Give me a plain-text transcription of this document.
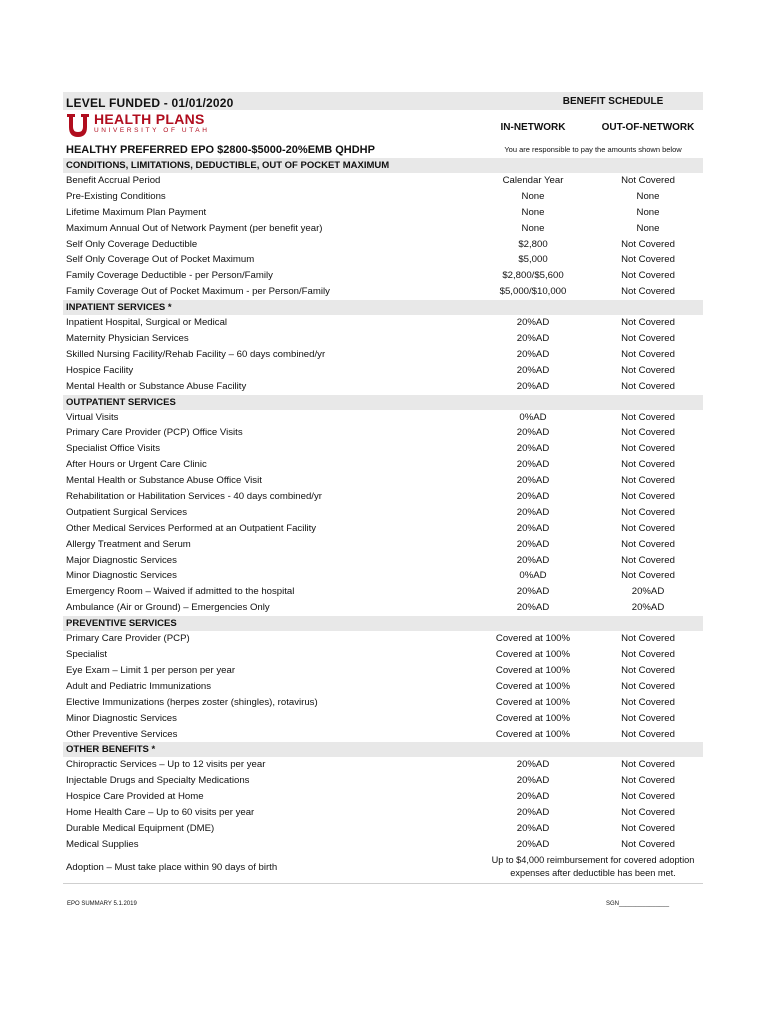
LEVEL FUNDED - 01/01/2020	BENEFIT SCHEDULE
HEALTH PLANS
UNIVERSITY OF UTAH	IN-NETWORK	OUT-OF-NETWORK
HEALTHY PREFERRED EPO $2800-$5000-20%EMB QHDHP	You are responsible to pay the amounts shown below
CONDITIONS, LIMITATIONS, DEDUCTIBLE, OUT OF POCKET MAXIMUM
Benefit Accrual Period	Calendar Year	Not Covered
Pre-Existing Conditions	None	None
Lifetime Maximum Plan Payment	None	None
Maximum Annual Out of Network Payment (per benefit year)	None	None
Self Only Coverage Deductible	$2,800	Not Covered
Self Only Coverage Out of Pocket Maximum	$5,000	Not Covered
Family Coverage Deductible - per Person/Family	$2,800/$5,600	Not Covered
Family Coverage Out of Pocket Maximum - per Person/Family	$5,000/$10,000	Not Covered
INPATIENT SERVICES *
Inpatient Hospital, Surgical or Medical	20%AD	Not Covered
Maternity Physician Services	20%AD	Not Covered
Skilled Nursing Facility/Rehab Facility – 60 days combined/yr	20%AD	Not Covered
Hospice Facility	20%AD	Not Covered
Mental Health or Substance Abuse Facility	20%AD	Not Covered
OUTPATIENT SERVICES
Virtual Visits	0%AD	Not Covered
Primary Care Provider (PCP) Office Visits	20%AD	Not Covered
Specialist Office Visits	20%AD	Not Covered
After Hours or Urgent Care Clinic	20%AD	Not Covered
Mental Health or Substance Abuse Office Visit	20%AD	Not Covered
Rehabilitation or Habilitation Services - 40 days combined/yr	20%AD	Not Covered
Outpatient Surgical Services	20%AD	Not Covered
Other Medical Services Performed at an Outpatient Facility	20%AD	Not Covered
Allergy Treatment and Serum	20%AD	Not Covered
Major Diagnostic Services	20%AD	Not Covered
Minor Diagnostic Services	0%AD	Not Covered
Emergency Room – Waived if admitted to the hospital	20%AD	20%AD
Ambulance (Air or Ground) – Emergencies Only	20%AD	20%AD
PREVENTIVE SERVICES
Primary Care Provider (PCP)	Covered at 100%	Not Covered
Specialist	Covered at 100%	Not Covered
Eye Exam – Limit 1 per person per year	Covered at 100%	Not Covered
Adult and Pediatric Immunizations	Covered at 100%	Not Covered
Elective Immunizations (herpes zoster (shingles), rotavirus)	Covered at 100%	Not Covered
Minor Diagnostic Services	Covered at 100%	Not Covered
Other Preventive Services	Covered at 100%	Not Covered
OTHER BENEFITS *
Chiropractic Services – Up to 12 visits per year	20%AD	Not Covered
Injectable Drugs and Specialty Medications	20%AD	Not Covered
Hospice Care Provided at Home	20%AD	Not Covered
Home Health Care – Up to 60 visits per year	20%AD	Not Covered
Durable Medical Equipment (DME)	20%AD	Not Covered
Medical Supplies	20%AD	Not Covered
Adoption – Must take place within 90 days of birth
Up to $4,000 reimbursement for covered adoption
expenses after deductible has been met.
EPO SUMMARY 5.1.2019	SGN_______________
